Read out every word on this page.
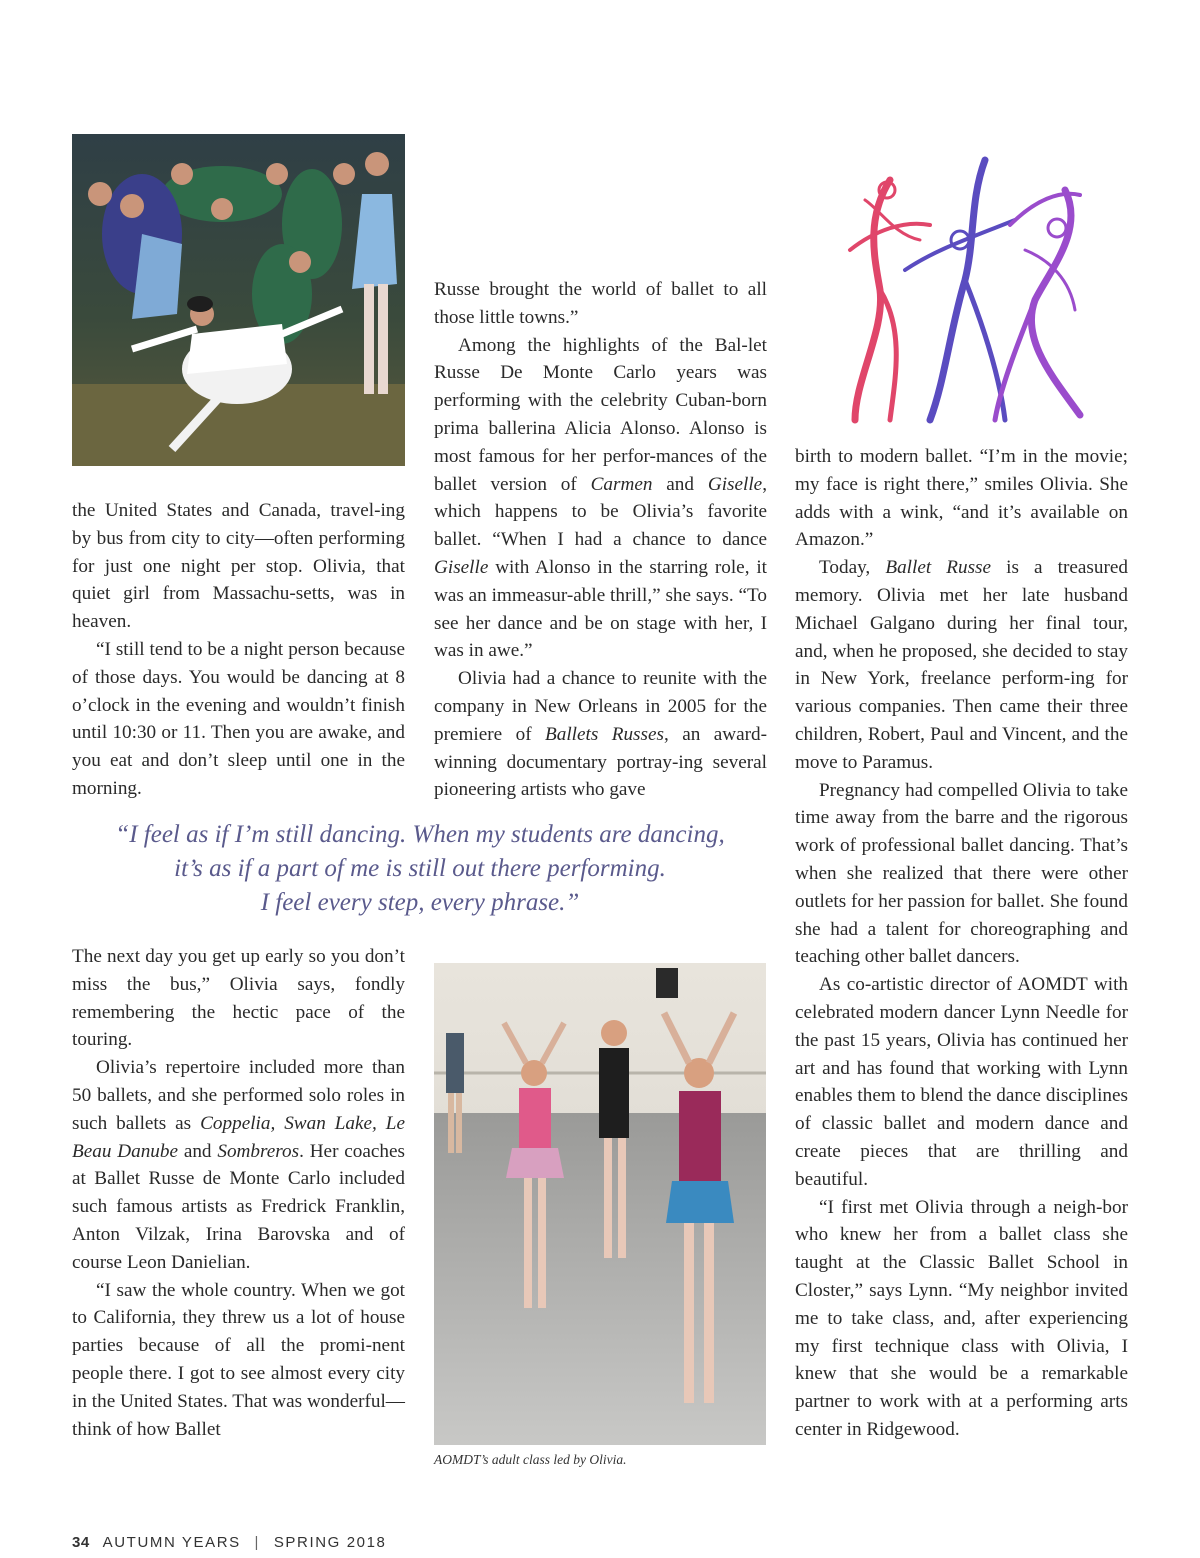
the United States and Canada, travel-ing by bus from city to city—often performing for just one night per stop. Olivia, that quiet girl from Massachu-setts, was in heaven.

“I still tend to be a night person because of those days. You would be dancing at 8 o’clock in the evening and wouldn’t finish until 10:30 or 11. Then you are awake, and you eat and don’t sleep until one in the morning.

Russe brought the world of ballet to all those little towns.”

Among the highlights of the Bal-let Russe De Monte Carlo years was performing with the celebrity Cuban-born prima ballerina Alicia Alonso. Alonso is most famous for her perfor-mances of the ballet version of Carmen and Giselle, which happens to be Olivia’s favorite ballet. “When I had a chance to dance Giselle with Alonso in the starring role, it was an immeasur-able thrill,” she says. “To see her dance and be on stage with her, I was in awe.”

Olivia had a chance to reunite with the company in New Orleans in 2005 for the premiere of Ballets Russes, an award-winning documentary portray-ing several pioneering artists who gave

birth to modern ballet. “I’m in the movie; my face is right there,” smiles Olivia. She adds with a wink, “and it’s available on Amazon.”

Today, Ballet Russe is a treasured memory. Olivia met her late husband Michael Galgano during her final tour, and, when he proposed, she decided to stay in New York, freelance perform-ing for various companies. Then came their three children, Robert, Paul and Vincent, and the move to Paramus.

Pregnancy had compelled Olivia to take time away from the barre and the rigorous work of professional ballet dancing. That’s when she realized that there were other outlets for her passion for ballet. She found she had a talent for choreographing and teaching other ballet dancers.

As co-artistic director of AOMDT with celebrated modern dancer Lynn Needle for the past 15 years, Olivia has continued her art and has found that working with Lynn enables them to blend the dance disciplines of classic ballet and modern dance and create pieces that are thrilling and beautiful.

“I first met Olivia through a neigh-bor who knew her from a ballet class she taught at the Classic Ballet School in Closter,” says Lynn. “My neighbor invited me to take class, and, after experiencing my first technique class with Olivia, I knew that she would be a remarkable partner to work with at a performing arts center in Ridgewood.

“I feel as if I’m still dancing. When my students are dancing,
it’s as if a part of me is still out there performing.
I feel every step, every phrase.”

The next day you get up early so you don’t miss the bus,” Olivia says, fondly remembering the hectic pace of the touring.

Olivia’s repertoire included more than 50 ballets, and she performed solo roles in such ballets as Coppelia, Swan Lake, Le Beau Danube and Sombreros. Her coaches at Ballet Russe de Monte Carlo included such famous artists as Fredrick Franklin, Anton Vilzak, Irina Barovska and of course Leon Danielian.

“I saw the whole country. When we got to California, they threw us a lot of house parties because of all the promi-nent people there. I got to see almost every city in the United States. That was wonderful—think of how Ballet

AOMDT’s adult class led by Olivia.
34 AUTUMN YEARS | SPRING 2018
